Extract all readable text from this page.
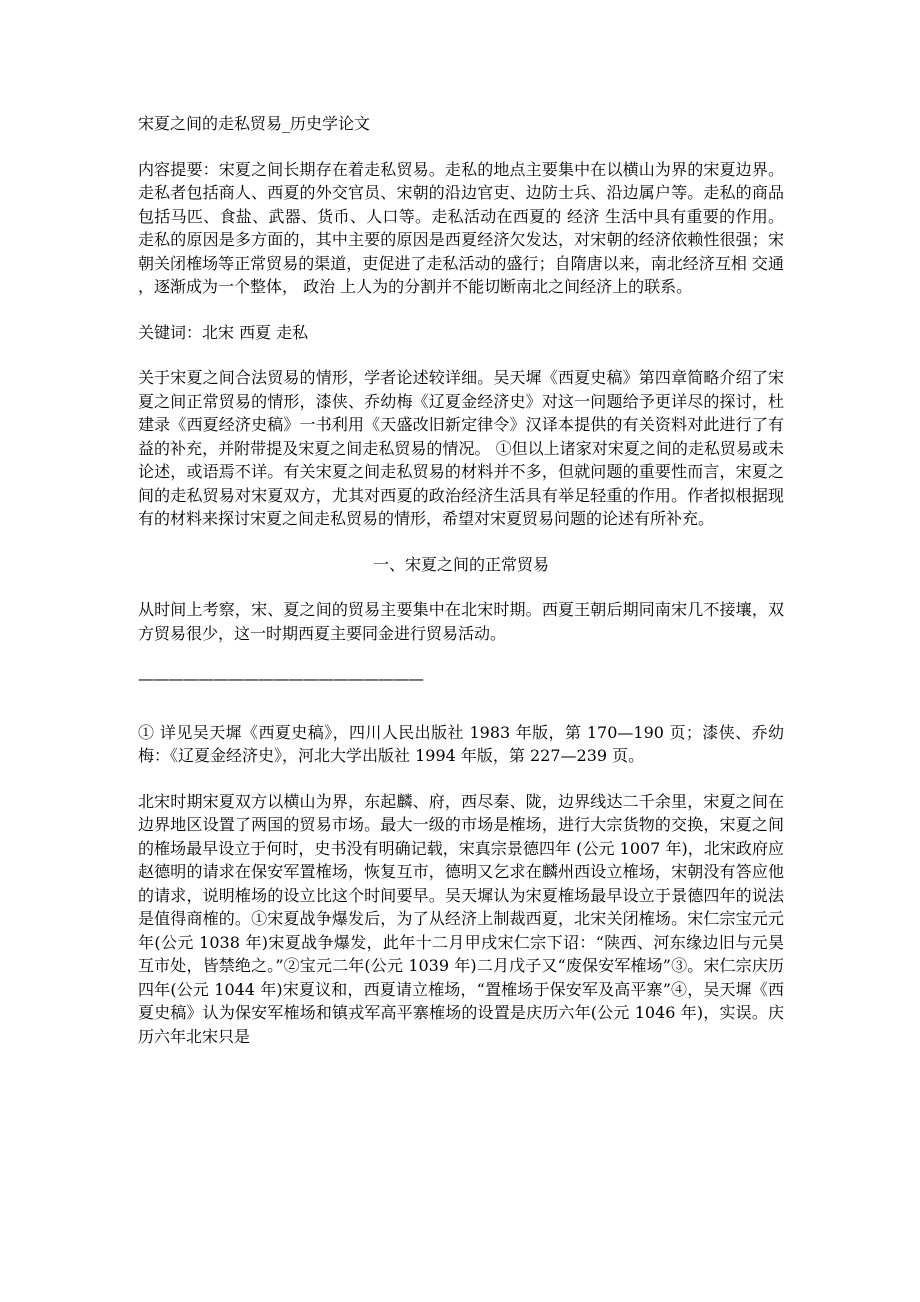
宋夏之间的走私贸易_历史学论文

内容提要：宋夏之间长期存在着走私贸易。走私的地点主要集中在以横山为界的宋夏边界。走私者包括商人、西夏的外交官员、宋朝的沿边官吏、边防士兵、沿边属户等。走私的商品包括马匹、食盐、武器、货币、人口等。走私活动在西夏的 经济 生活中具有重要的作用。走私的原因是多方面的，其中主要的原因是西夏经济欠发达，对宋朝的经济依赖性很强；宋朝关闭榷场等正常贸易的渠道，吏促进了走私活动的盛行；自隋唐以来，南北经济互相 交通 ，逐渐成为一个整体， 政治 上人为的分割并不能切断南北之间经济上的联系。

关键词：北宋 西夏 走私

关于宋夏之间合法贸易的情形，学者论述较详细。吴天墀《西夏史稿》第四章简略介绍了宋夏之间正常贸易的情形，漆侠、乔幼梅《辽夏金经济史》对这一问题给予更详尽的探讨，杜建录《西夏经济史稿》一书利用《天盛改旧新定律令》汉译本提供的有关资料对此进行了有益的补充，并附带提及宋夏之间走私贸易的情况。 ①但以上诸家对宋夏之间的走私贸易或未论述，或语焉不详。有关宋夏之间走私贸易的材料并不多，但就问题的重要性而言，宋夏之间的走私贸易对宋夏双方，尤其对西夏的政治经济生活具有举足轻重的作用。作者拟根据现有的材料来探讨宋夏之间走私贸易的情形，希望对宋夏贸易问题的论述有所补充。

一、宋夏之间的正常贸易

从时间上考察，宋、夏之间的贸易主要集中在北宋时期。西夏王朝后期同南宋几不接壤，双方贸易很少，这一时期西夏主要同金进行贸易活动。

———————————————————

① 详见吴天墀《西夏史稿》，四川人民出版社 1983 年版，第 170—190 页；漆侠、乔幼梅：《辽夏金经济史》，河北大学出版社 1994 年版，第 227—239 页。

北宋时期宋夏双方以横山为界，东起麟、府，西尽秦、陇，边界线达二千余里，宋夏之间在边界地区设置了两国的贸易市场。最大一级的市场是榷场，进行大宗货物的交换，宋夏之间的榷场最早设立于何时，史书没有明确记载，宋真宗景德四年 (公元 1007 年)，北宋政府应赵德明的请求在保安军置榷场，恢复互市，德明又乞求在麟州西设立榷场，宋朝没有答应他的请求，说明榷场的设立比这个时间要早。吴天墀认为宋夏榷场最早设立于景德四年的说法是值得商榷的。①宋夏战争爆发后，为了从经济上制裁西夏，北宋关闭榷场。宋仁宗宝元元年(公元 1038 年)宋夏战争爆发，此年十二月甲戌宋仁宗下诏：“陕西、河东缘边旧与元昊互市处，皆禁绝之。”②宝元二年(公元 1039 年)二月戊子又“废保安军榷场”③。宋仁宗庆历四年(公元 1044 年)宋夏议和，西夏请立榷场，“置榷场于保安军及高平寨”④，吴天墀《西夏史稿》认为保安军榷场和镇戎军高平寨榷场的设置是庆历六年(公元 1046 年)，实误。庆历六年北宋只是
